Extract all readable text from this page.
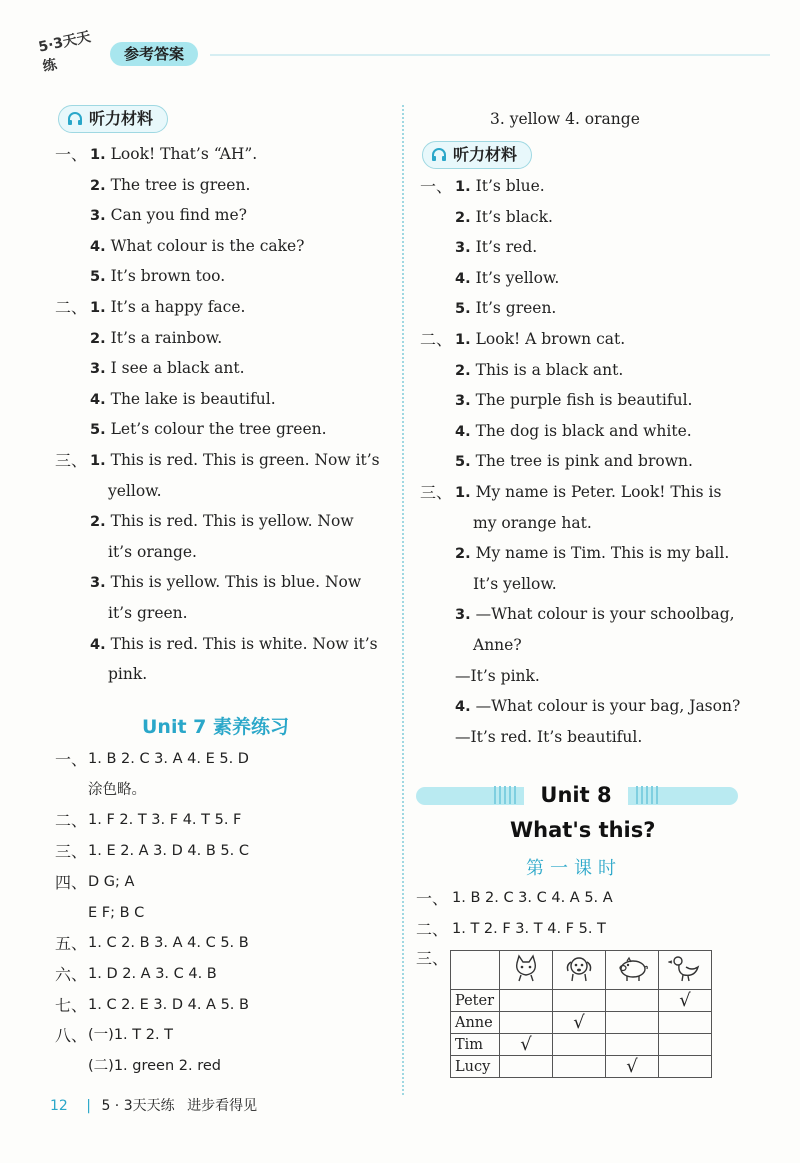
5·3天天练
参考答案
听力材料
一、 1. Look! That’s “AH”.
2. The tree is green.
3. Can you find me?
4. What colour is the cake?
5. It’s brown too.
二、 1. It’s a happy face.
2. It’s a rainbow.
3. I see a black ant.
4. The lake is beautiful.
5. Let’s colour the tree green.
三、 1. This is red. This is green. Now it’s
yellow.
2. This is red. This is yellow. Now
it’s orange.
3. This is yellow. This is blue. Now
it’s green.
4. This is red. This is white. Now it’s
pink.
Unit 7 素养练习
一、 1. B 2. C 3. A 4. E 5. D
涂色略。
二、 1. F 2. T 3. F 4. T 5. F
三、 1. E 2. A 3. D 4. B 5. C
四、 D G; A
E F; B C
五、 1. C 2. B 3. A 4. C 5. B
六、 1. D 2. A 3. C 4. B
七、 1. C 2. E 3. D 4. A 5. B
八、 (一)1. T 2. T
(二)1. green 2. red
3. yellow 4. orange
听力材料
一、 1. It’s blue.
2. It’s black.
3. It’s red.
4. It’s yellow.
5. It’s green.
二、 1. Look! A brown cat.
2. This is a black ant.
3. The purple fish is beautiful.
4. The dog is black and white.
5. The tree is pink and brown.
三、 1. My name is Peter. Look! This is
my orange hat.
2. My name is Tim. This is my ball.
It’s yellow.
3. —What colour is your schoolbag,
Anne?
—It’s pink.
4. —What colour is your bag, Jason?
—It’s red. It’s beautiful.
Unit 8
What's this?
第一课时
一、 1. B 2. C 3. C 4. A 5. A
二、 1. T 2. F 3. T 4. F 5. T
三、

Peter				√
Anne		√		
Tim	√			
Lucy			√	
12 | 5 · 3天天练 进步看得见
